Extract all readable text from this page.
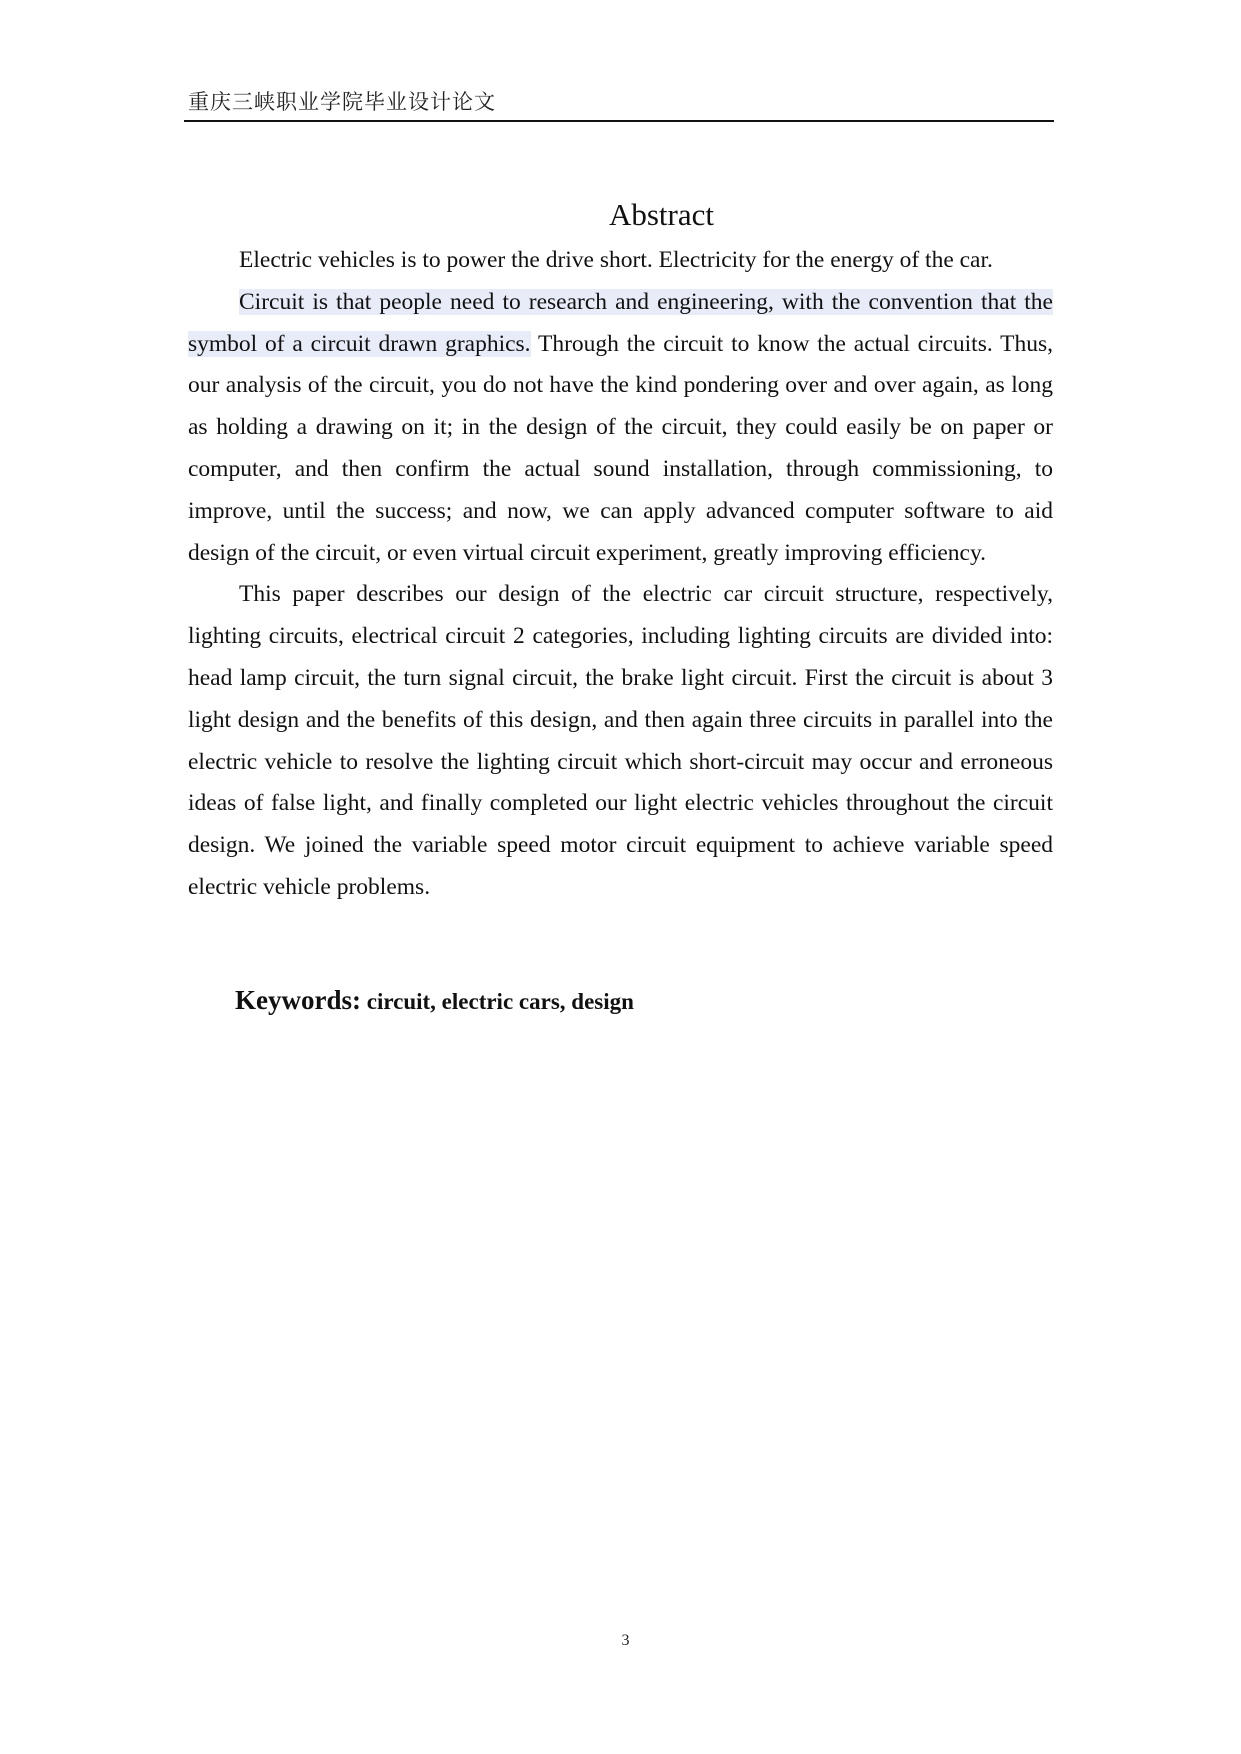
重庆三峡职业学院毕业设计论文
Abstract

Electric vehicles is to power the drive short. Electricity for the energy of the car.

Circuit is that people need to research and engineering, with the convention that the symbol of a circuit drawn graphics. Through the circuit to know the actual circuits. Thus, our analysis of the circuit, you do not have the kind pondering over and over again, as long as holding a drawing on it; in the design of the circuit, they could easily be on paper or computer, and then confirm the actual sound installation, through commissioning, to improve, until the success; and now, we can apply advanced computer software to aid design of the circuit, or even virtual circuit experiment, greatly improving efficiency.

This paper describes our design of the electric car circuit structure, respectively, lighting circuits, electrical circuit 2 categories, including lighting circuits are divided into: head lamp circuit, the turn signal circuit, the brake light circuit. First the circuit is about 3 light design and the benefits of this design, and then again three circuits in parallel into the electric vehicle to resolve the lighting circuit which short-circuit may occur and erroneous ideas of false light, and finally completed our light electric vehicles throughout the circuit design. We joined the variable speed motor circuit equipment to achieve variable speed electric vehicle problems.

Keywords: circuit, electric cars, design
3
